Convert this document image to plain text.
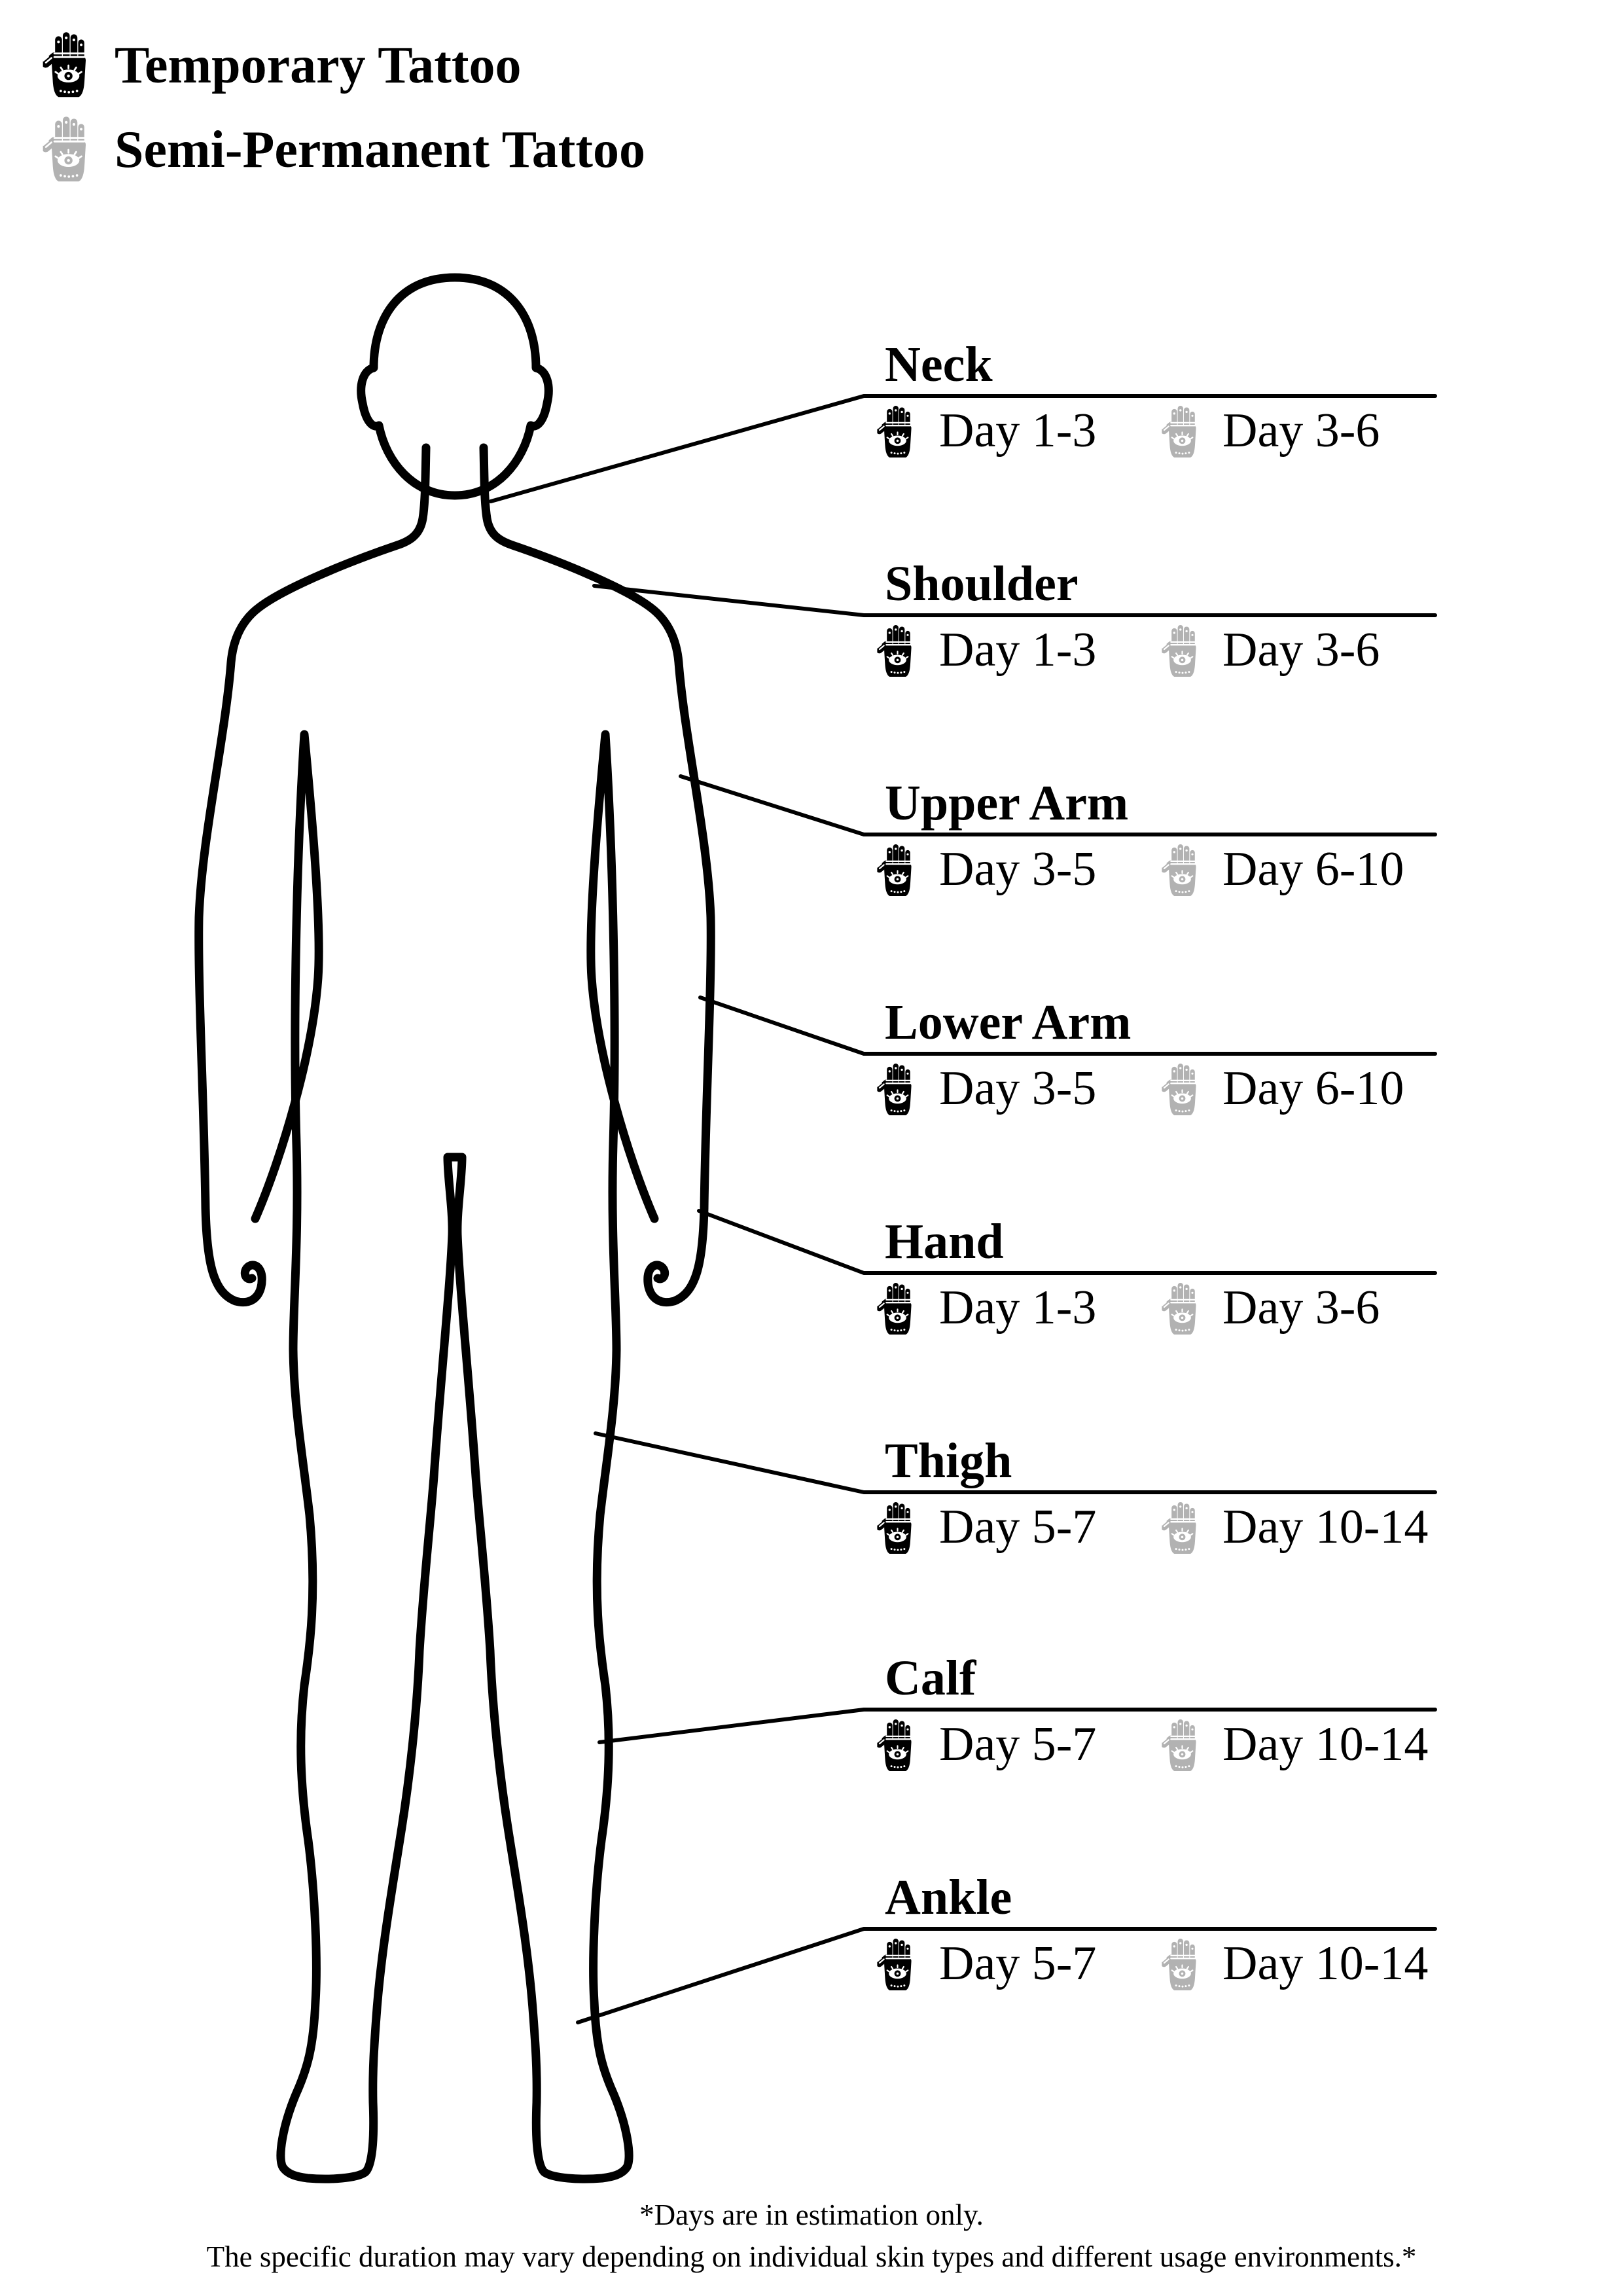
Temporary Tattoo
Semi-Permanent Tattoo
Neck
Day 1-3	Day 3-6
Shoulder
Day 1-3	Day 3-6
Upper Arm
Day 3-5	Day 6-10
Lower Arm
Day 3-5	Day 6-10
Hand
Day 1-3	Day 3-6
Thigh
Day 5-7	Day 10-14
Calf
Day 5-7	Day 10-14
Ankle
Day 5-7	Day 10-14
*Days are in estimation only.
The specific duration may vary depending on individual skin types and different usage environments.*
